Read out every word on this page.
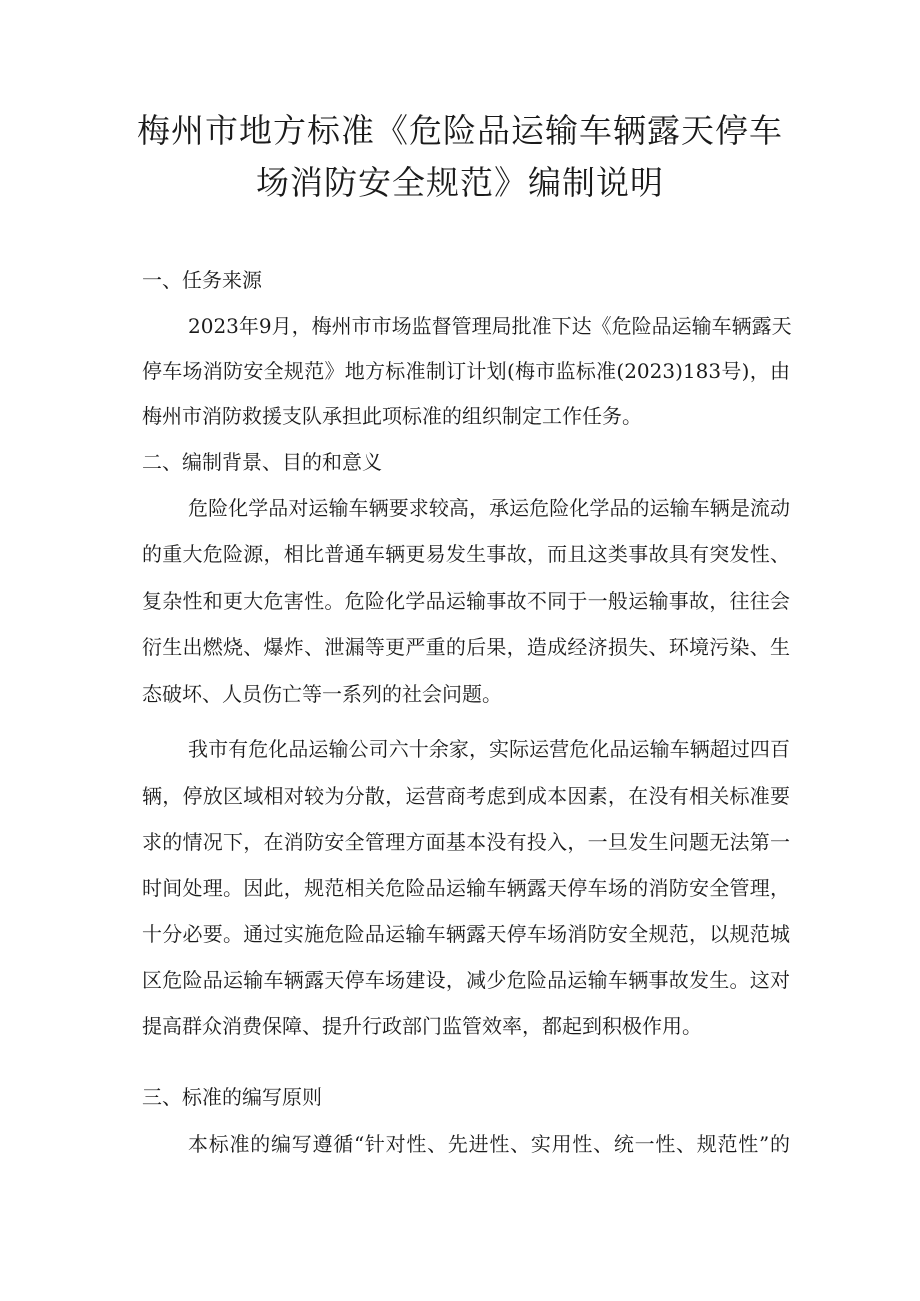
梅州市地方标准《危险品运输车辆露天停车
场消防安全规范》编制说明

一、任务来源

2023年9月，梅州市市场监督管理局批准下达《危险品运输车辆露天

停车场消防安全规范》地方标准制订计划(梅市监标准(2023)183号)，由

梅州市消防救援支队承担此项标准的组织制定工作任务。

二、编制背景、目的和意义

危险化学品对运输车辆要求较高，承运危险化学品的运输车辆是流动

的重大危险源，相比普通车辆更易发生事故，而且这类事故具有突发性、

复杂性和更大危害性。危险化学品运输事故不同于一般运输事故，往往会

衍生出燃烧、爆炸、泄漏等更严重的后果，造成经济损失、环境污染、生

态破坏、人员伤亡等一系列的社会问题。

我市有危化品运输公司六十余家，实际运营危化品运输车辆超过四百

辆，停放区域相对较为分散，运营商考虑到成本因素，在没有相关标准要

求的情况下，在消防安全管理方面基本没有投入，一旦发生问题无法第一

时间处理。因此，规范相关危险品运输车辆露天停车场的消防安全管理，

十分必要。通过实施危险品运输车辆露天停车场消防安全规范，以规范城

区危险品运输车辆露天停车场建设，减少危险品运输车辆事故发生。这对

提高群众消费保障、提升行政部门监管效率，都起到积极作用。

三、标准的编写原则

本标准的编写遵循“针对性、先进性、实用性、统一性、规范性”的
